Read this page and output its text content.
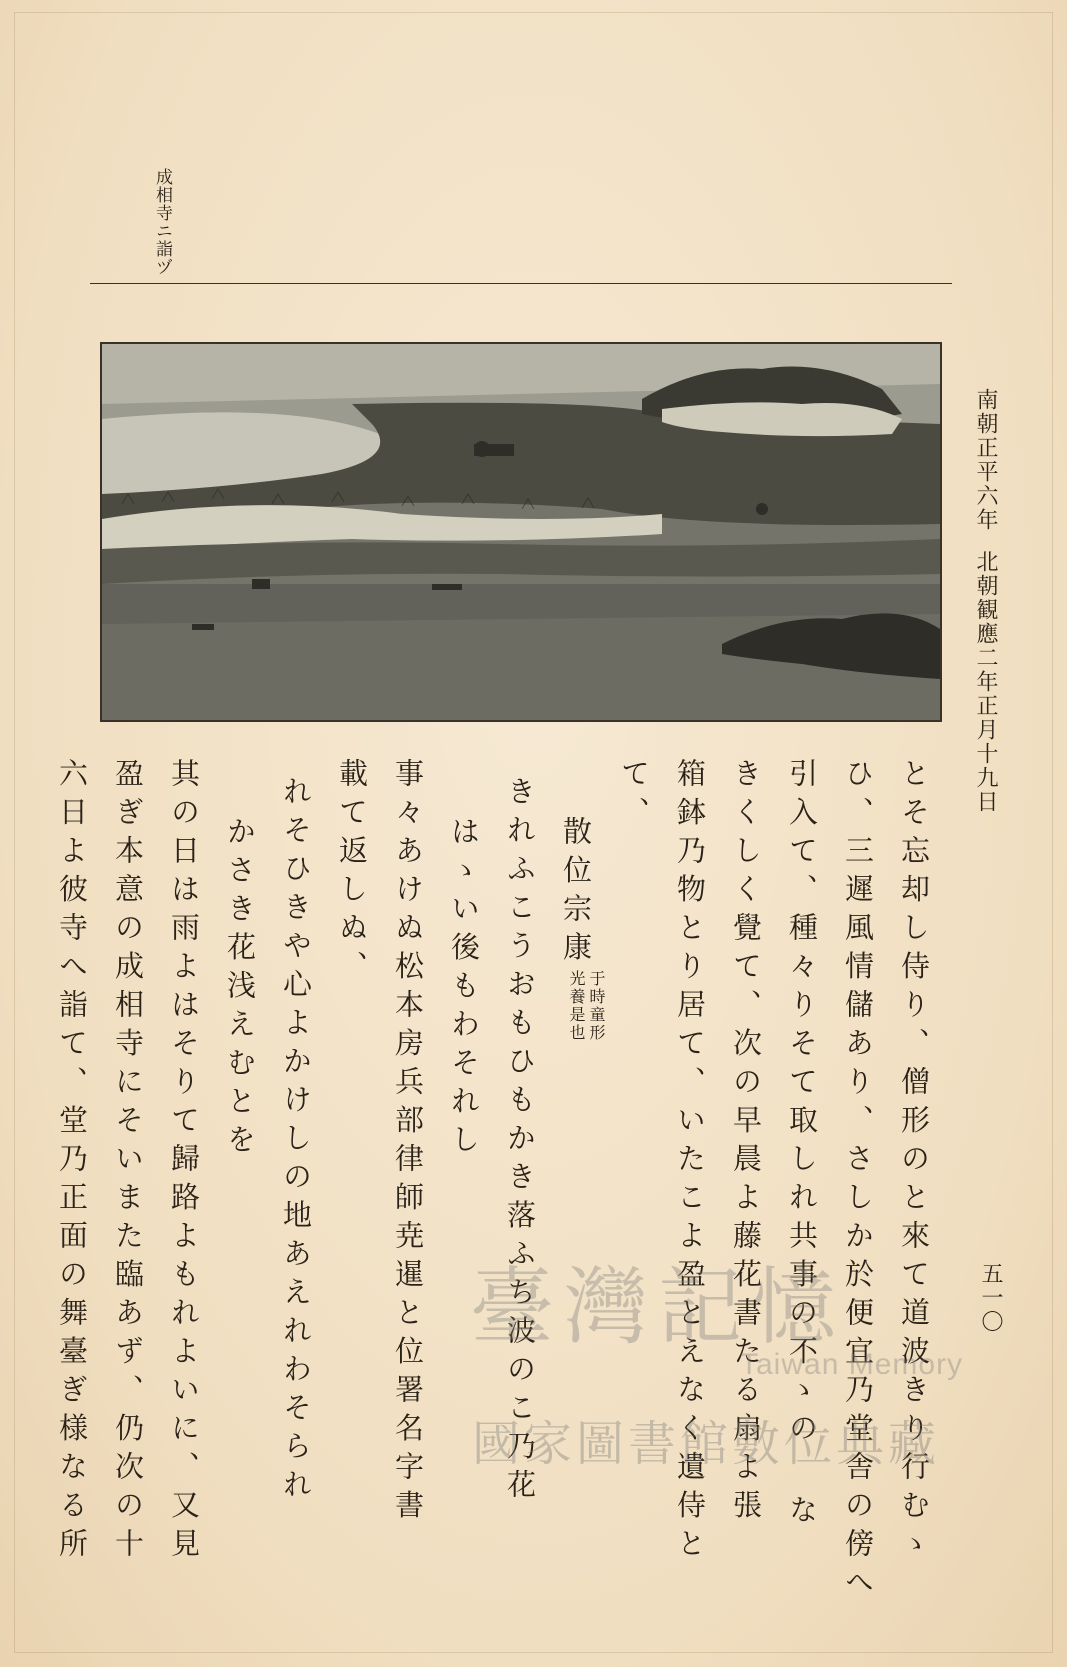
成相寺ニ詣ヅ
南朝正平六年
北朝観應二年正月十九日
五一〇
とそ忘却し侍り、僧形のと來て道波きり行むゝ
ひ、三遲風情儲あり、さしか於便宜乃堂舎の傍へ
引入て、種々りそて取しれ共事の不ゝの な
きくしく覺て、次の早晨よ藤花書たる扇よ張
箱鉢乃物とり居て、いたこよ盈とえなく遺侍と
て、
散位宗康
于時童形
光養是也
きれふこうおもひもかき落ふち波のこ乃花
はゝい後もわそれし
事々あけぬ松本房兵部律師尭暹と位署名字書
載て返しぬ、
れそひきや心よかけしの地あえれわそられ
かさき花浅えむとを
其の日は雨よはそりて歸路よもれよいに、又見
盈ぎ本意の成相寺にそいまた臨あず、仍次の十
六日よ彼寺へ詣て、堂乃正面の舞臺ぎ様なる所	臺灣記憶
Taiwan Memory
國家圖書館數位典藏
